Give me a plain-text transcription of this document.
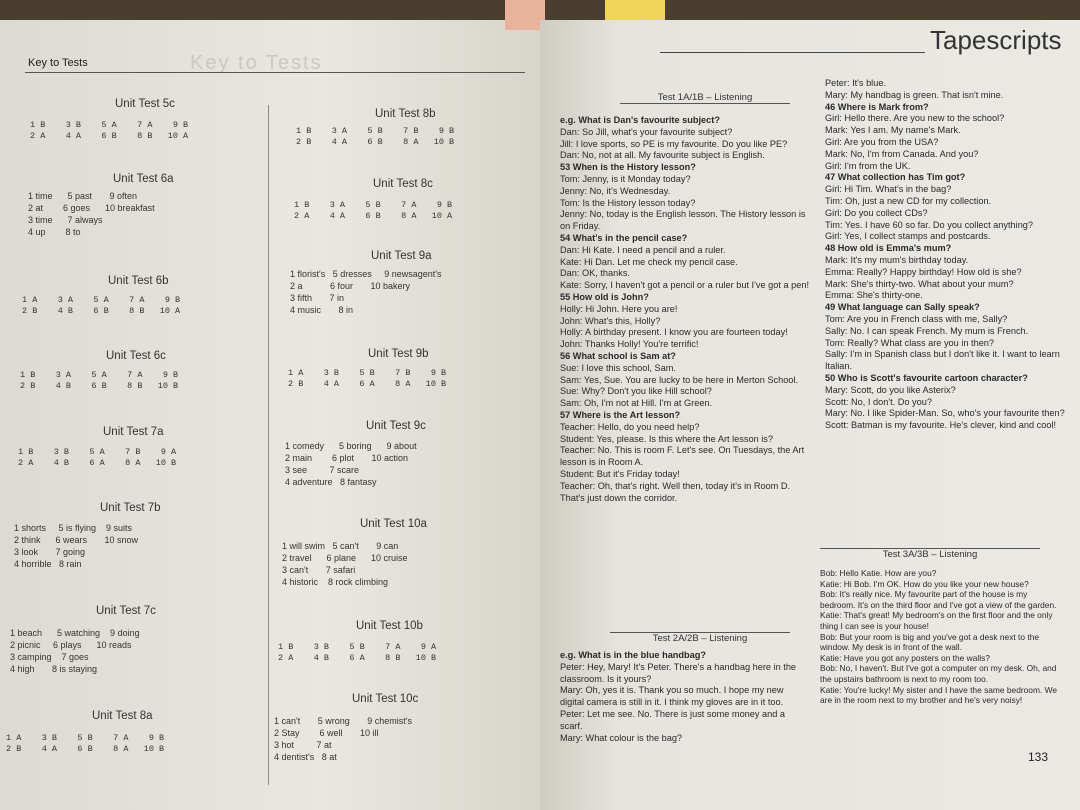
Key to Tests
Key to Tests
Unit Test 5c
1 B    3 B    5 A    7 A    9 B
2 A    4 A    6 B    8 B   10 A
Unit Test 6a
1 time      5 past       9 often
2 at        6 goes      10 breakfast
3 time      7 always
4 up        8 to
Unit Test 6b
1 A    3 A    5 A    7 A    9 B
2 B    4 B    6 B    8 B   10 A
Unit Test 6c
1 B    3 A    5 A    7 A    9 B
2 B    4 B    6 B    8 B   10 B
Unit Test 7a
1 B    3 B    5 A    7 B    9 A
2 A    4 B    6 A    8 A   10 B
Unit Test 7b
1 shorts     5 is flying    9 suits
2 think      6 wears       10 snow
3 look       7 going
4 horrible   8 rain
Unit Test 7c
1 beach      5 watching    9 doing
2 picnic     6 plays      10 reads
3 camping    7 goes
4 high       8 is staying
Unit Test 8a
1 A    3 B    5 B    7 A    9 B
2 B    4 A    6 B    8 A   10 B
Unit Test 8b
1 B    3 A    5 B    7 B    9 B
2 B    4 A    6 B    8 A   10 B
Unit Test 8c
1 B    3 A    5 B    7 A    9 B
2 A    4 A    6 B    8 A   10 A
Unit Test 9a
1 florist's   5 dresses     9 newsagent's
2 a           6 four       10 bakery
3 fifth       7 in
4 music       8 in
Unit Test 9b
1 A    3 B    5 B    7 B    9 B
2 B    4 A    6 A    8 A   10 B
Unit Test 9c
1 comedy      5 boring      9 about
2 main        6 plot       10 action
3 see         7 scare
4 adventure   8 fantasy
Unit Test 10a
1 will swim   5 can't       9 can
2 travel      6 plane      10 cruise
3 can't       7 safari
4 historic    8 rock climbing
Unit Test 10b
1 B    3 B    5 B    7 A    9 A
2 A    4 B    6 A    8 B   10 B
Unit Test 10c
1 can't       5 wrong       9 chemist's
2 Stay        6 well       10 ill
3 hot         7 at
4 dentist's   8 at
Tapescripts
Test 1A/1B – Listening

e.g. What is Dan's favourite subject?

Dan: So Jill, what's your favourite subject?

Jill: I love sports, so PE is my favourite. Do you like PE?

Dan: No, not at all. My favourite subject is English.

53 When is the History lesson?

Tom: Jenny, is it Monday today?

Jenny: No, it's Wednesday.

Tom: Is the History lesson today?

Jenny: No, today is the English lesson. The History lesson is on Friday.

54 What's in the pencil case?

Dan: Hi Kate. I need a pencil and a ruler.

Kate: Hi Dan. Let me check my pencil case.

Dan: OK, thanks.

Kate: Sorry, I haven't got a pencil or a ruler but I've got a pen!

55 How old is John?

Holly: Hi John. Here you are!

John: What's this, Holly?

Holly: A birthday present. I know you are fourteen today!

John: Thanks Holly! You're terrific!

56 What school is Sam at?

Sue: I love this school, Sam.

Sam: Yes, Sue. You are lucky to be here in Merton School.

Sue: Why? Don't you like Hill school?

Sam: Oh, I'm not at Hill. I'm at Green.

57 Where is the Art lesson?

Teacher: Hello, do you need help?

Student: Yes, please. Is this where the Art lesson is?

Teacher: No. This is room F. Let's see. On Tuesdays, the Art lesson is in Room A.

Student: But it's Friday today!

Teacher: Oh, that's right. Well then, today it's in Room D. That's just down the corridor.

Test 2A/2B – Listening

e.g. What is in the blue handbag?

Peter: Hey, Mary! It's Peter. There's a handbag here in the classroom. Is it yours?

Mary: Oh, yes it is. Thank you so much. I hope my new digital camera is still in it. I think my gloves are in it too.

Peter: Let me see. No. There is just some money and a scarf.

Mary: What colour is the bag?

Peter: It's blue.

Mary: My handbag is green. That isn't mine.

46 Where is Mark from?

Girl: Hello there. Are you new to the school?

Mark: Yes I am. My name's Mark.

Girl: Are you from the USA?

Mark: No, I'm from Canada. And you?

Girl: I'm from the UK.

47 What collection has Tim got?

Girl: Hi Tim. What's in the bag?

Tim: Oh, just a new CD for my collection.

Girl: Do you collect CDs?

Tim: Yes. I have 60 so far. Do you collect anything?

Girl: Yes, I collect stamps and postcards.

48 How old is Emma's mum?

Mark: It's my mum's birthday today.

Emma: Really? Happy birthday! How old is she?

Mark: She's thirty-two. What about your mum?

Emma: She's thirty-one.

49 What language can Sally speak?

Tom: Are you in French class with me, Sally?

Sally: No. I can speak French. My mum is French.

Tom: Really? What class are you in then?

Sally: I'm in Spanish class but I don't like it. I want to learn Italian.

50 Who is Scott's favourite cartoon character?

Mary: Scott, do you like Asterix?

Scott: No, I don't. Do you?

Mary: No. I like Spider-Man. So, who's your favourite then?

Scott: Batman is my favourite. He's clever, kind and cool!

Test 3A/3B – Listening

Bob: Hello Katie. How are you?

Katie: Hi Bob. I'm OK. How do you like your new house?

Bob: It's really nice. My favourite part of the house is my bedroom. It's on the third floor and I've got a view of the garden.

Katie: That's great! My bedroom's on the first floor and the only thing I can see is your house!

Bob: But your room is big and you've got a desk next to the window. My desk is in front of the wall.

Katie: Have you got any posters on the walls?

Bob: No, I haven't. But I've got a computer on my desk. Oh, and the upstairs bathroom is next to my room too.

Katie: You're lucky! My sister and I have the same bedroom. We are in the room next to my brother and he's very noisy!

133
